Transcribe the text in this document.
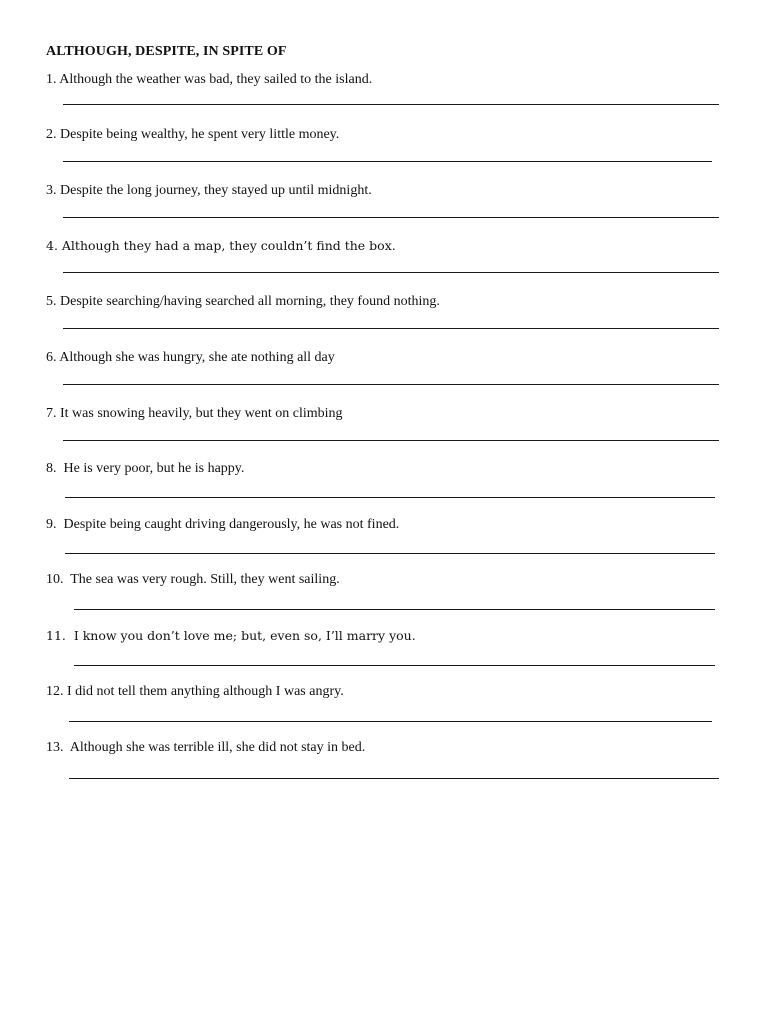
ALTHOUGH, DESPITE, IN SPITE OF
1. Although the weather was bad, they sailed to the island.
2. Despite being wealthy, he spent very little money.
3. Despite the long journey, they stayed up until midnight.
4. Although they had a map, they couldn’t find the box.
5. Despite searching/having searched all morning, they found nothing.
6. Although she was hungry, she ate nothing all day
7. It was snowing heavily, but they went on climbing
8.  He is very poor, but he is happy.
9.  Despite being caught driving dangerously, he was not fined.
10.  The sea was very rough. Still, they went sailing.
11.  I know you don’t love me; but, even so, I’ll marry you.
12. I did not tell them anything although I was angry.
13.  Although she was terrible ill, she did not stay in bed.
